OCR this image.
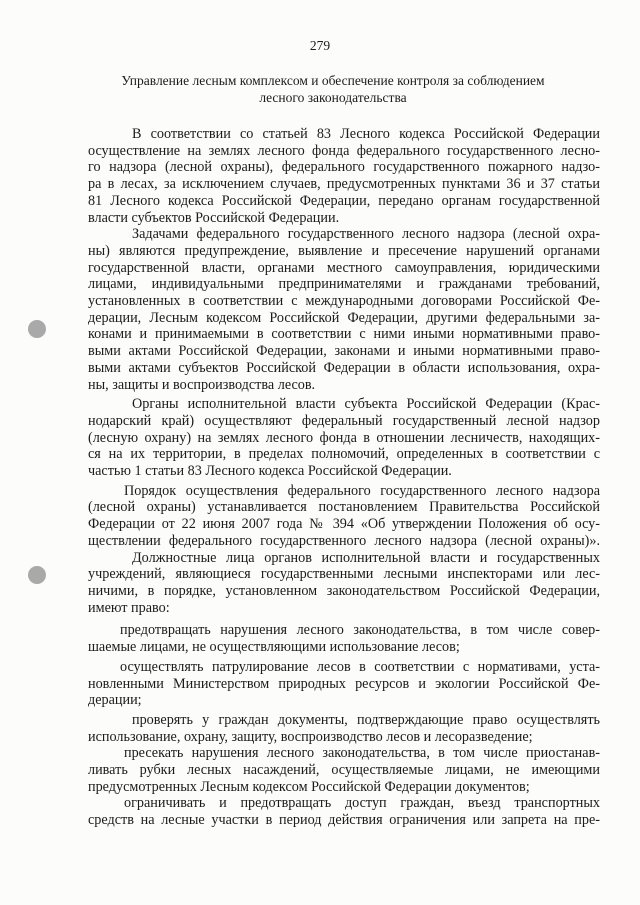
279
Управление лесным комплексом и обеспечение контроля за соблюдением
лесного законодательства
В соответствии со статьей 83 Лесного кодекса Российской Федерации
осуществление на землях лесного фонда федерального государственного лесно-
го надзора (лесной охраны), федерального государственного пожарного надзо-
ра в лесах, за исключением случаев, предусмотренных пунктами 36 и 37 статьи
81 Лесного кодекса Российской Федерации, передано органам государственной
власти субъектов Российской Федерации.
Задачами федерального государственного лесного надзора (лесной охра-
ны) являются предупреждение, выявление и пресечение нарушений органами
государственной власти, органами местного самоуправления, юридическими
лицами, индивидуальными предпринимателями и гражданами требований,
установленных в соответствии с международными договорами Российской Фе-
дерации, Лесным кодексом Российской Федерации, другими федеральными за-
конами и принимаемыми в соответствии с ними иными нормативными право-
выми актами Российской Федерации, законами и иными нормативными право-
выми актами субъектов Российской Федерации в области использования, охра-
ны, защиты и воспроизводства лесов.
Органы исполнительной власти субъекта Российской Федерации (Крас-
нодарский край) осуществляют федеральный государственный лесной надзор
(лесную охрану) на землях лесного фонда в отношении лесничеств, находящих-
ся на их территории, в пределах полномочий, определенных в соответствии с
частью 1 статьи 83 Лесного кодекса Российской Федерации.
Порядок осуществления федерального государственного лесного надзора
(лесной охраны) устанавливается постановлением Правительства Российской
Федерации от 22 июня 2007 года № 394 «Об утверждении Положения об осу-
ществлении федерального государственного лесного надзора (лесной охраны)».
Должностные лица органов исполнительной власти и государственных
учреждений, являющиеся государственными лесными инспекторами или лес-
ничими, в порядке, установленном законодательством Российской Федерации,
имеют право:
предотвращать нарушения лесного законодательства, в том числе совер-
шаемые лицами, не осуществляющими использование лесов;
осуществлять патрулирование лесов в соответствии с нормативами, уста-
новленными Министерством природных ресурсов и экологии Российской Фе-
дерации;
проверять у граждан документы, подтверждающие право осуществлять
использование, охрану, защиту, воспроизводство лесов и лесоразведение;
пресекать нарушения лесного законодательства, в том числе приостанав-
ливать рубки лесных насаждений, осуществляемые лицами, не имеющими
предусмотренных Лесным кодексом Российской Федерации документов;
ограничивать и предотвращать доступ граждан, въезд транспортных
средств на лесные участки в период действия ограничения или запрета на пре-
